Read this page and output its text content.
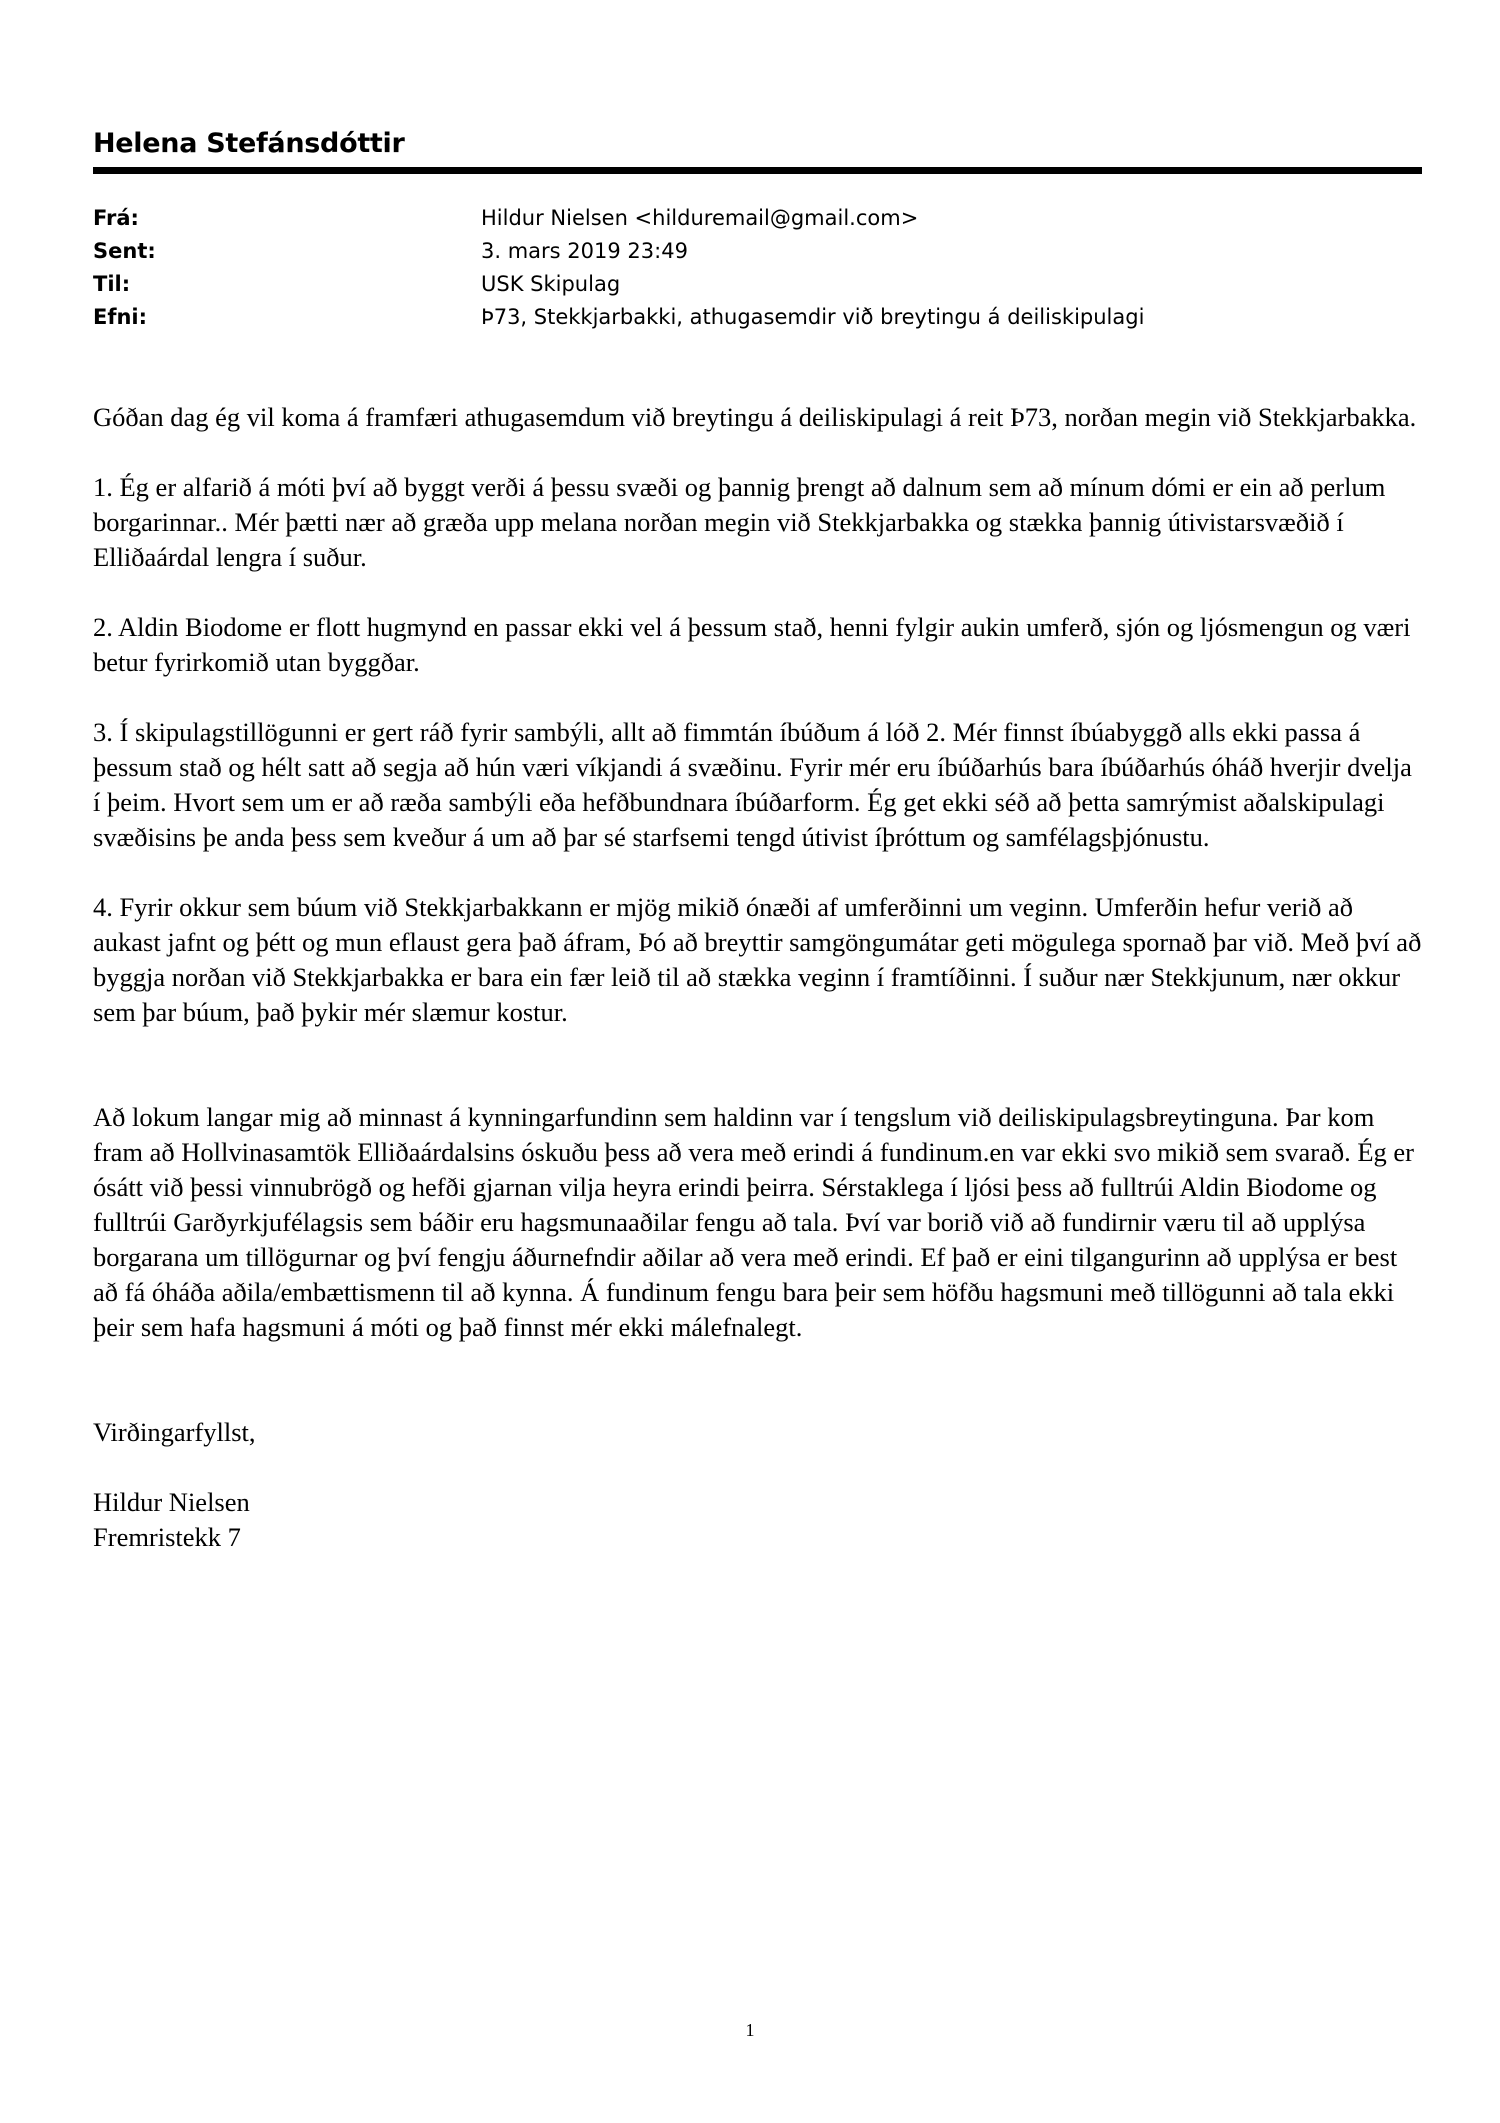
Helena Stefánsdóttir
Frá:	Hildur Nielsen <hilduremail@gmail.com>
Sent:	3. mars 2019 23:49
Til:	USK Skipulag
Efni:	Þ73, Stekkjarbakki, athugasemdir við breytingu á deiliskipulagi

Góðan dag ég vil koma á framfæri athugasemdum við breytingu á deiliskipulagi á reit Þ73, norðan megin við Stekkjarbakka.

1. Ég er alfarið á móti því að byggt verði á þessu svæði og þannig þrengt að dalnum sem að mínum dómi er ein að perlum borgarinnar.. Mér þætti nær að græða upp melana norðan megin við Stekkjarbakka og stækka þannig útivistarsvæðið í Elliðaárdal lengra í suður.

2. Aldin Biodome er flott hugmynd en passar ekki vel á þessum stað, henni fylgir aukin umferð, sjón og ljósmengun og væri betur fyrirkomið utan byggðar.

3. Í skipulagstillögunni er gert ráð fyrir sambýli, allt að fimmtán íbúðum á lóð 2. Mér finnst íbúabyggð alls ekki passa á þessum stað og hélt satt að segja að hún væri víkjandi á svæðinu. Fyrir mér eru íbúðarhús bara íbúðarhús óháð hverjir dvelja í þeim. Hvort sem um er að ræða sambýli eða hefðbundnara íbúðarform. Ég get ekki séð að þetta samrýmist aðalskipulagi svæðisins þe anda þess sem kveður á um að þar sé starfsemi tengd útivist íþróttum og samfélagsþjónustu.

4. Fyrir okkur sem búum við Stekkjarbakkann er mjög mikið ónæði af umferðinni um veginn. Umferðin hefur verið að aukast jafnt og þétt og mun eflaust gera það áfram, Þó að breyttir samgöngumátar geti mögulega spornað þar við. Með því að byggja norðan við Stekkjarbakka er bara ein fær leið til að stækka veginn í framtíðinni. Í suður nær Stekkjunum, nær okkur sem þar búum, það þykir mér slæmur kostur.

Að lokum langar mig að minnast á kynningarfundinn sem haldinn var í tengslum við deiliskipulagsbreytinguna. Þar kom fram að Hollvinasamtök Elliðaárdalsins óskuðu þess að vera með erindi á fundinum.en var ekki svo mikið sem svarað. Ég er ósátt við þessi vinnubrögð og hefði gjarnan vilja heyra erindi þeirra. Sérstaklega í ljósi þess að fulltrúi Aldin Biodome og fulltrúi Garðyrkjufélagsis sem báðir eru hagsmunaaðilar fengu að tala. Því var borið við að fundirnir væru til að upplýsa borgarana um tillögurnar og því fengju áðurnefndir aðilar að vera með erindi. Ef það er eini tilgangurinn að upplýsa er best að fá óháða aðila/embættismenn til að kynna. Á fundinum fengu bara þeir sem höfðu hagsmuni með tillögunni að tala ekki þeir sem hafa hagsmuni á móti og það finnst mér ekki málefnalegt.

Virðingarfyllst,

Hildur Nielsen

Fremristekk 7

1
